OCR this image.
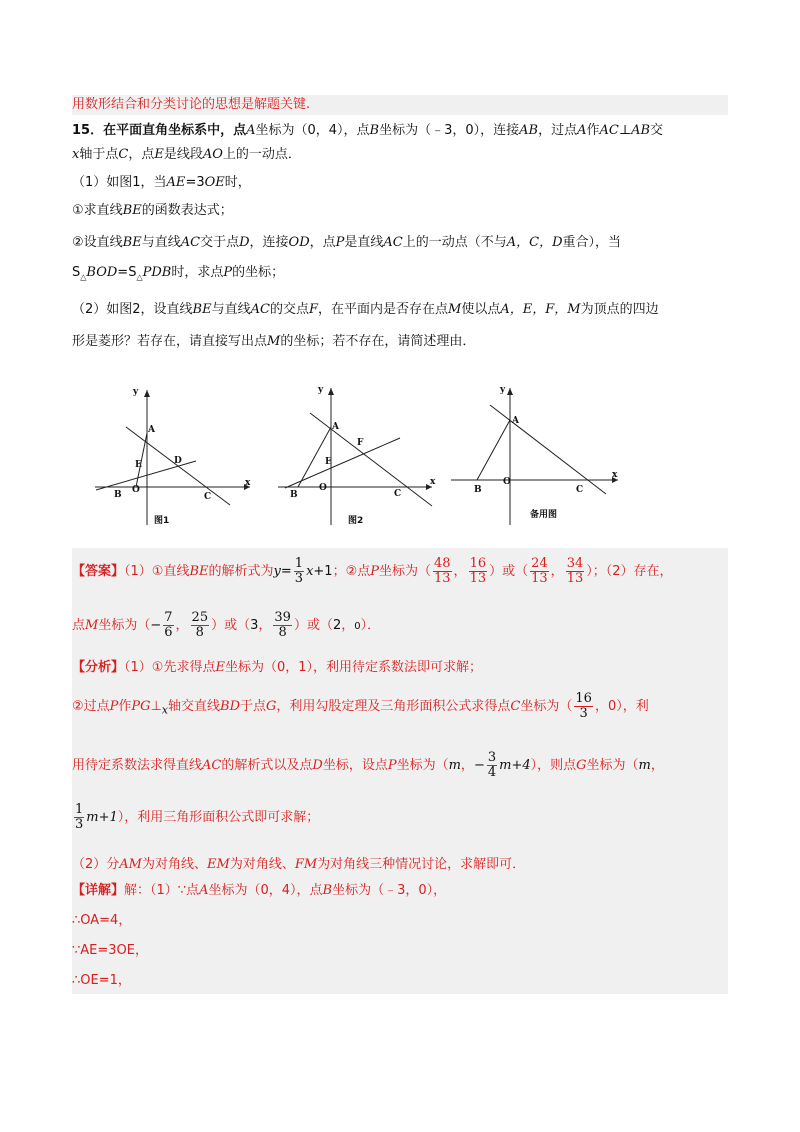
用数形结合和分类讨论的思想是解题关键.
15．在平面直角坐标系中，点A坐标为（0，4），点B坐标为（﹣3，0），连接AB，过点A作AC⊥AB交
x轴于点C，点E是线段AO上的一动点．
（1）如图1，当AE=3OE时，
①求直线BE的函数表达式；
②设直线BE与直线AC交于点D，连接OD，点P是直线AC上的一动点（不与A，C，D重合），当
$S_\triangle BOD=S_\triangle PDB$时，求点P的坐标；
（2）如图2，设直线BE与直线AC的交点F，在平面内是否存在点M使以点A，E，F，M为顶点的四边
形是菱形？若存在，请直接写出点M的坐标；若不存在，请简述理由．
y
x
A
B	C
D
E
O
图1
y
x
A
B	C
E
F
O
图2
y
x
A
B	C
O
备用图
【答案】（1）①直线BE的解析式为$y= \frac{1}{3} x+1$；②点P坐标为（ $\frac{48}{13}$ ， $\frac{16}{13}$ ）或（ $\frac{24}{13}$ ， $\frac{34}{13}$ ）；（2）存在，
点M坐标为（− $\frac{7}{6}$ ， $\frac{25}{8}$ ）或（3， $\frac{39}{8}$ ）或（2，0）．
【分析】（1）①先求得点E坐标为（0，1），利用待定系数法即可求解；
②过点P作$PG\perp_x$轴交直线BD于点G，利用勾股定理及三角形面积公式求得点C坐标为（ $\frac{16}{3}$ ，0），利
用待定系数法求得直线AC的解析式以及点D坐标，设点P坐标为（m，− $\frac{3}{4} m+4$），则点G坐标为（m，
$\frac{1}{3} m+1$），利用三角形面积公式即可求解；
（2）分AM为对角线、EM为对角线、FM为对角线三种情况讨论，求解即可．
【详解】解：（1）∵点A坐标为（0，4），点B坐标为（﹣3，0），
∴OA=4，
∵AE=3OE，
∴OE=1，
